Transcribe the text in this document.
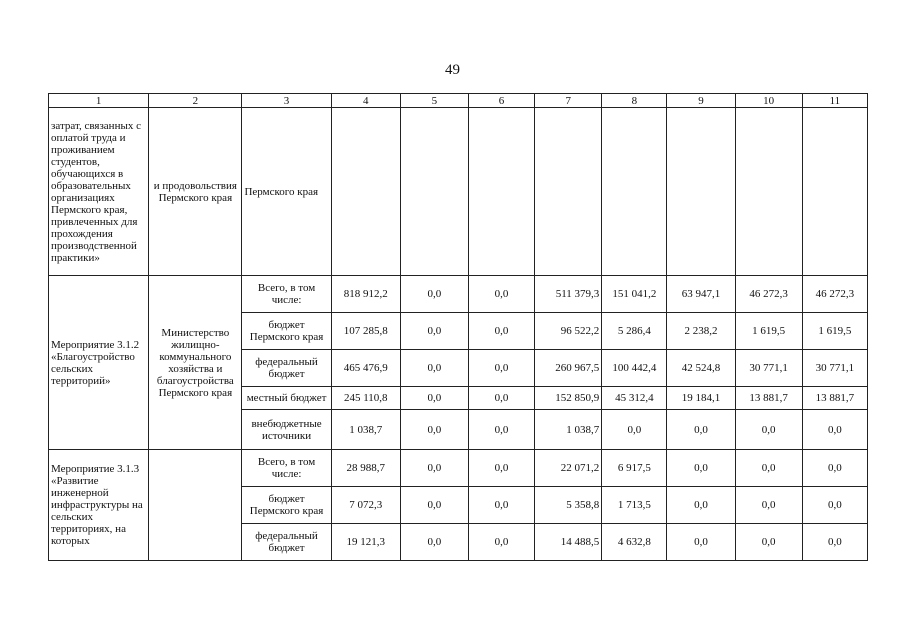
49
1	2	3	4	5	6	7	8	9	10	11
затрат, связанных с оплатой труда и проживанием студентов, обучающихся в образовательных организациях Пермского края, привлеченных для прохождения производственной практики»	и продовольствия Пермского края	Пермского края								
Мероприятие 3.1.2 «Благоустройство сельских территорий»	Министерство жилищно-коммунального хозяйства и благоустройства Пермского края	Всего, в том числе:	818 912,2	0,0	0,0	511 379,3	151 041,2	63 947,1	46 272,3	46 272,3
		бюджет Пермского края	107 285,8	0,0	0,0	96 522,2	5 286,4	2 238,2	1 619,5	1 619,5
		федеральный бюджет	465 476,9	0,0	0,0	260 967,5	100 442,4	42 524,8	30 771,1	30 771,1
		местный бюджет	245 110,8	0,0	0,0	152 850,9	45 312,4	19 184,1	13 881,7	13 881,7
		внебюджетные источники	1 038,7	0,0	0,0	1 038,7	0,0	0,0	0,0	0,0
Мероприятие 3.1.3 «Развитие инженерной инфраструктуры на сельских территориях, на которых		Всего, в том числе:	28 988,7	0,0	0,0	22 071,2	6 917,5	0,0	0,0	0,0
		бюджет Пермского края	7 072,3	0,0	0,0	5 358,8	1 713,5	0,0	0,0	0,0
		федеральный бюджет	19 121,3	0,0	0,0	14 488,5	4 632,8	0,0	0,0	0,0
